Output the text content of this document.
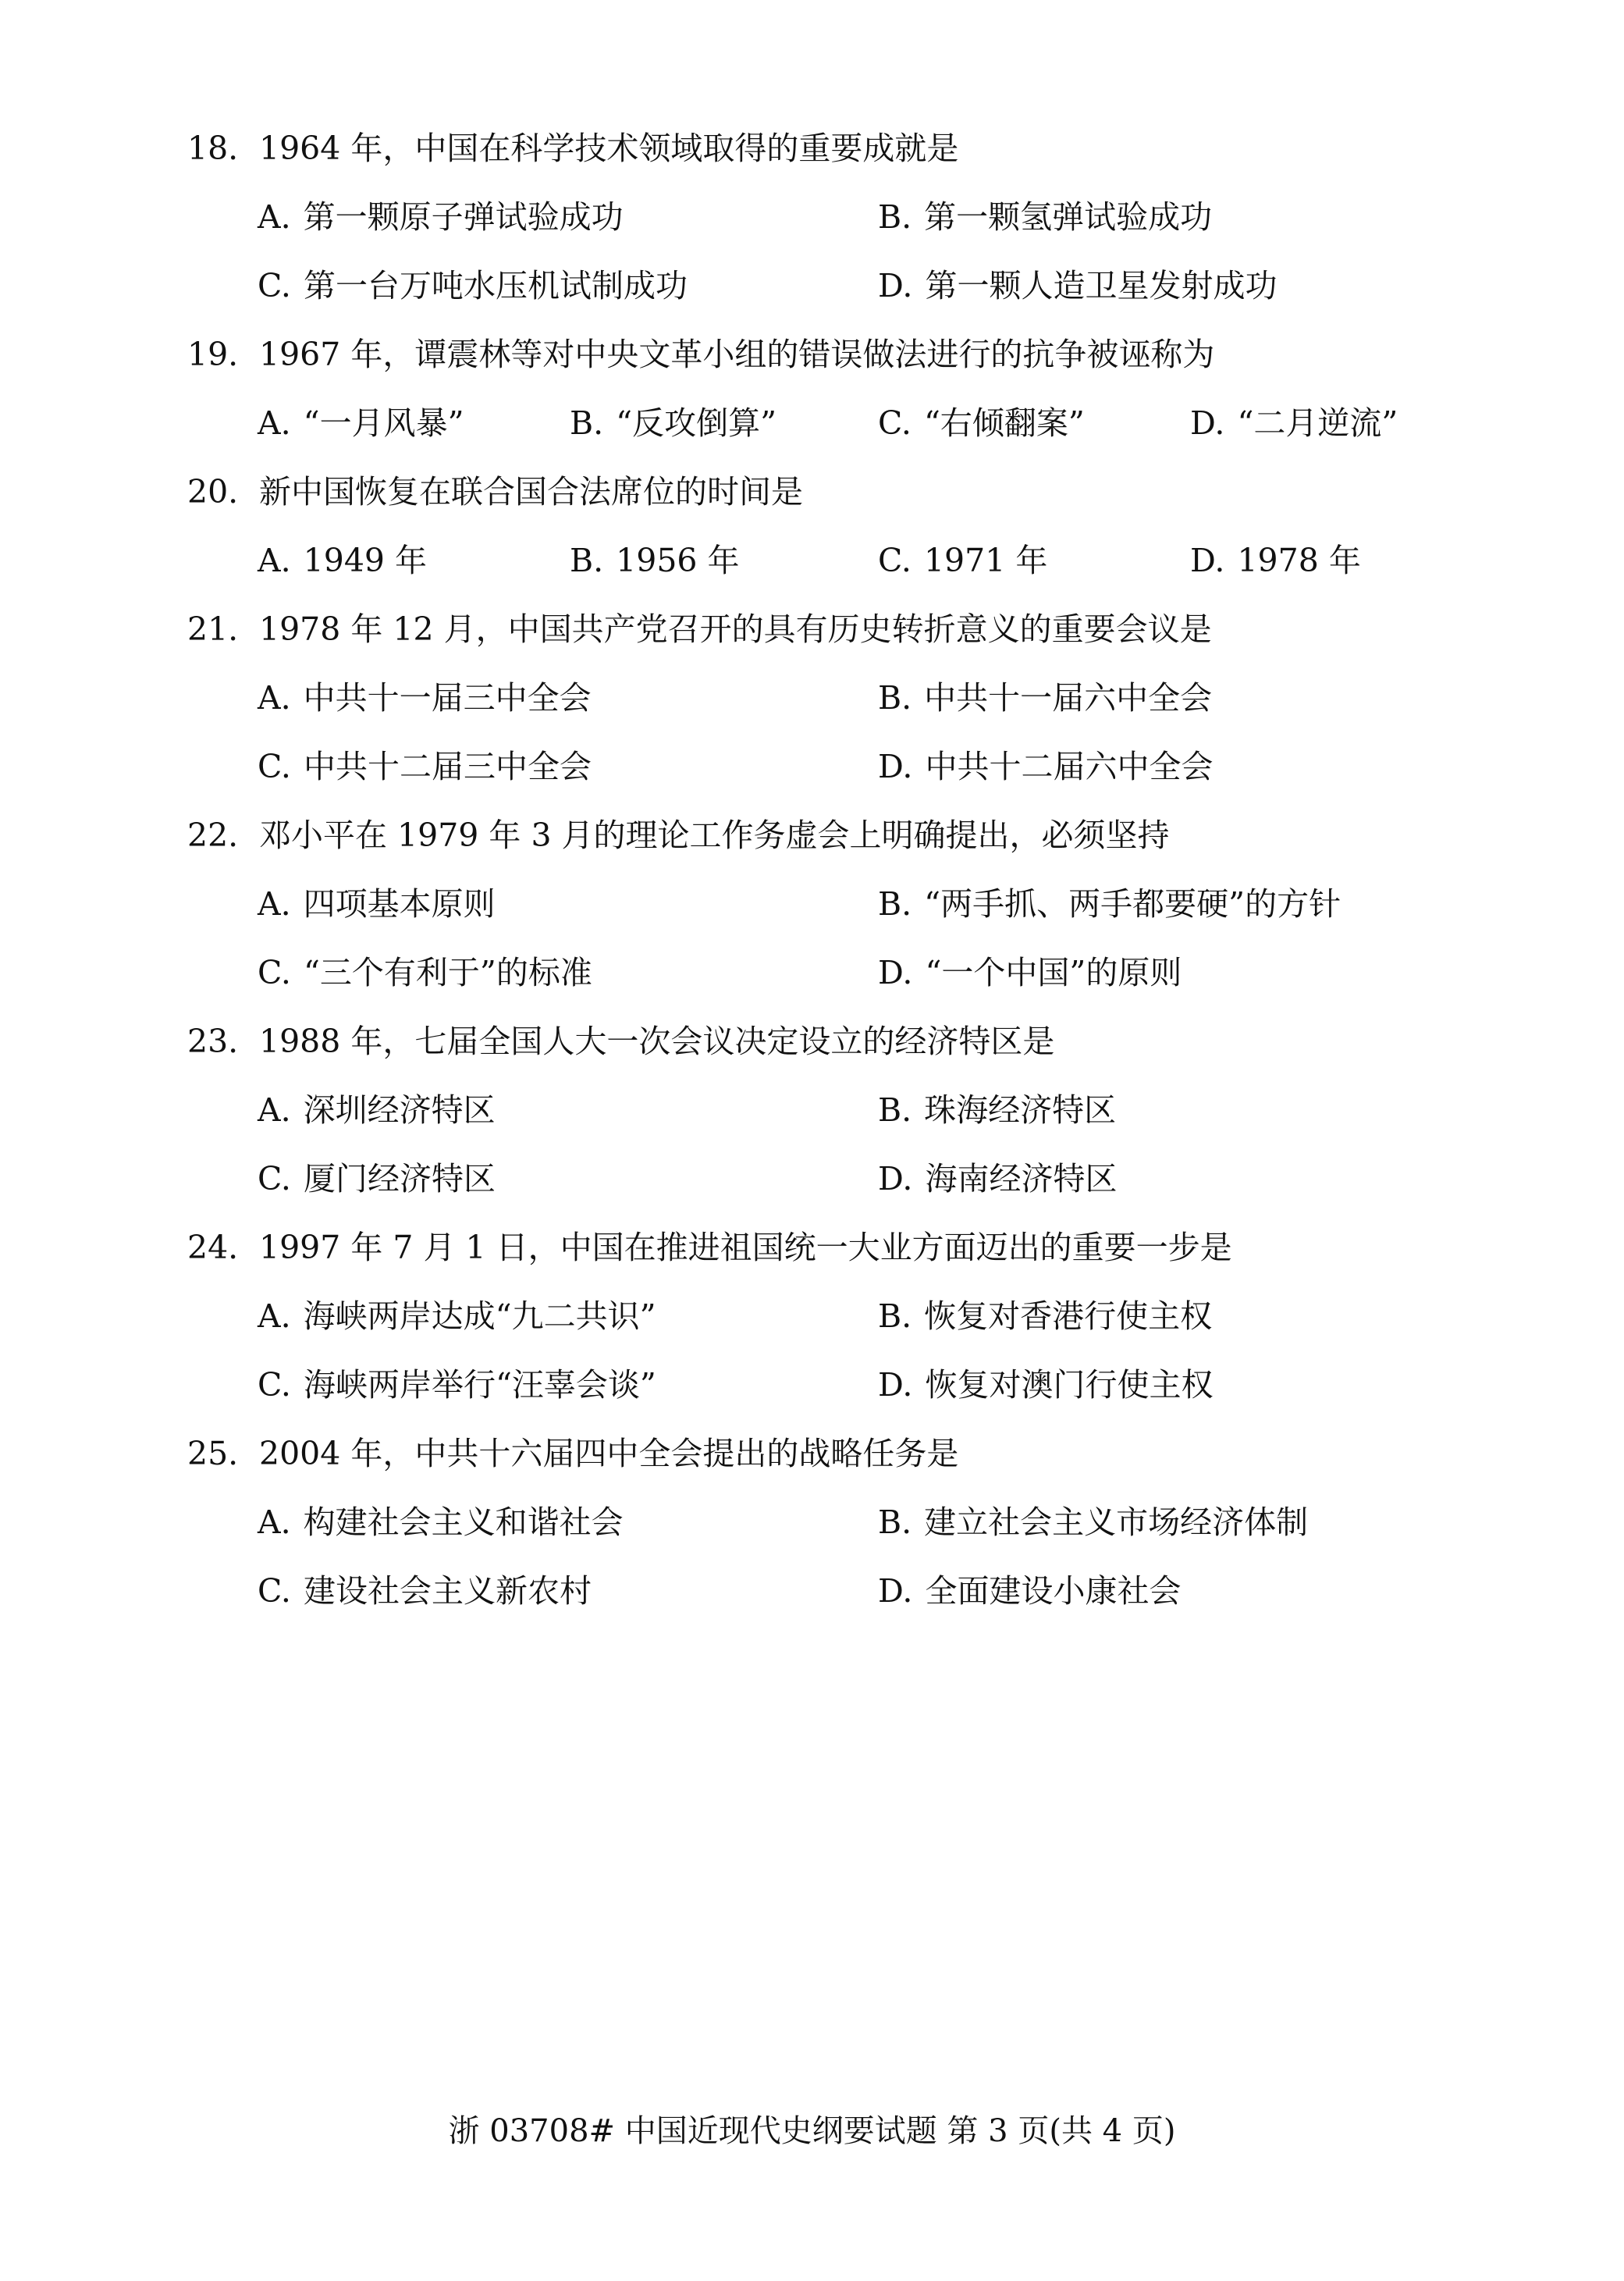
18. 1964 年，中国在科学技术领域取得的重要成就是
A. 第一颗原子弹试验成功	B. 第一颗氢弹试验成功
C. 第一台万吨水压机试制成功	D. 第一颗人造卫星发射成功
19. 1967 年，谭震林等对中央文革小组的错误做法进行的抗争被诬称为
A. “一月风暴”	B. “反攻倒算”	C. “右倾翻案”	D. “二月逆流”
20. 新中国恢复在联合国合法席位的时间是
A. 1949 年	B. 1956 年	C. 1971 年	D. 1978 年
21. 1978 年 12 月，中国共产党召开的具有历史转折意义的重要会议是
A. 中共十一届三中全会	B. 中共十一届六中全会
C. 中共十二届三中全会	D. 中共十二届六中全会
22. 邓小平在 1979 年 3 月的理论工作务虚会上明确提出，必须坚持
A. 四项基本原则	B. “两手抓、两手都要硬”的方针
C. “三个有利于”的标准	D. “一个中国”的原则
23. 1988 年，七届全国人大一次会议决定设立的经济特区是
A. 深圳经济特区	B. 珠海经济特区
C. 厦门经济特区	D. 海南经济特区
24. 1997 年 7 月 1 日，中国在推进祖国统一大业方面迈出的重要一步是
A. 海峡两岸达成“九二共识”	B. 恢复对香港行使主权
C. 海峡两岸举行“汪辜会谈”	D. 恢复对澳门行使主权
25. 2004 年，中共十六届四中全会提出的战略任务是
A. 构建社会主义和谐社会	B. 建立社会主义市场经济体制
C. 建设社会主义新农村	D. 全面建设小康社会
浙 03708# 中国近现代史纲要试题 第 3 页(共 4 页)
